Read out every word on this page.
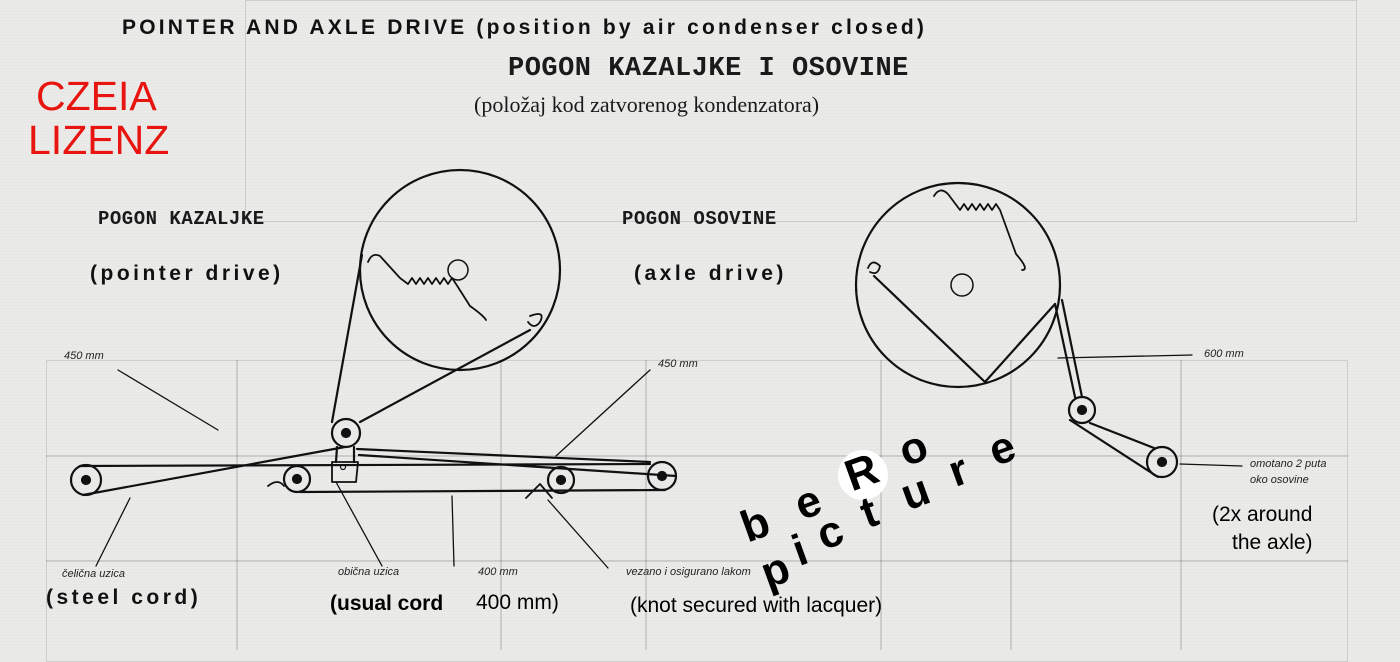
POINTER AND AXLE DRIVE (position by air condenser closed)
CZEIA
LIZENZ
POGON KAZALJKE I OSOVINE
(položaj kod zatvorenog kondenzatora)
POGON KAZALJKE
(pointer drive)
POGON OSOVINE
(axle drive)
450 mm
450 mm
600 mm
čelična uzica
(steel cord)
obična uzica
(usual cord
400 mm
400 mm)
vezano i osigurano lakom
(knot secured with lacquer)
omotano 2 puta
oko osovine
(2x around
the axle)
b e
R o
p
i
c t u r e
